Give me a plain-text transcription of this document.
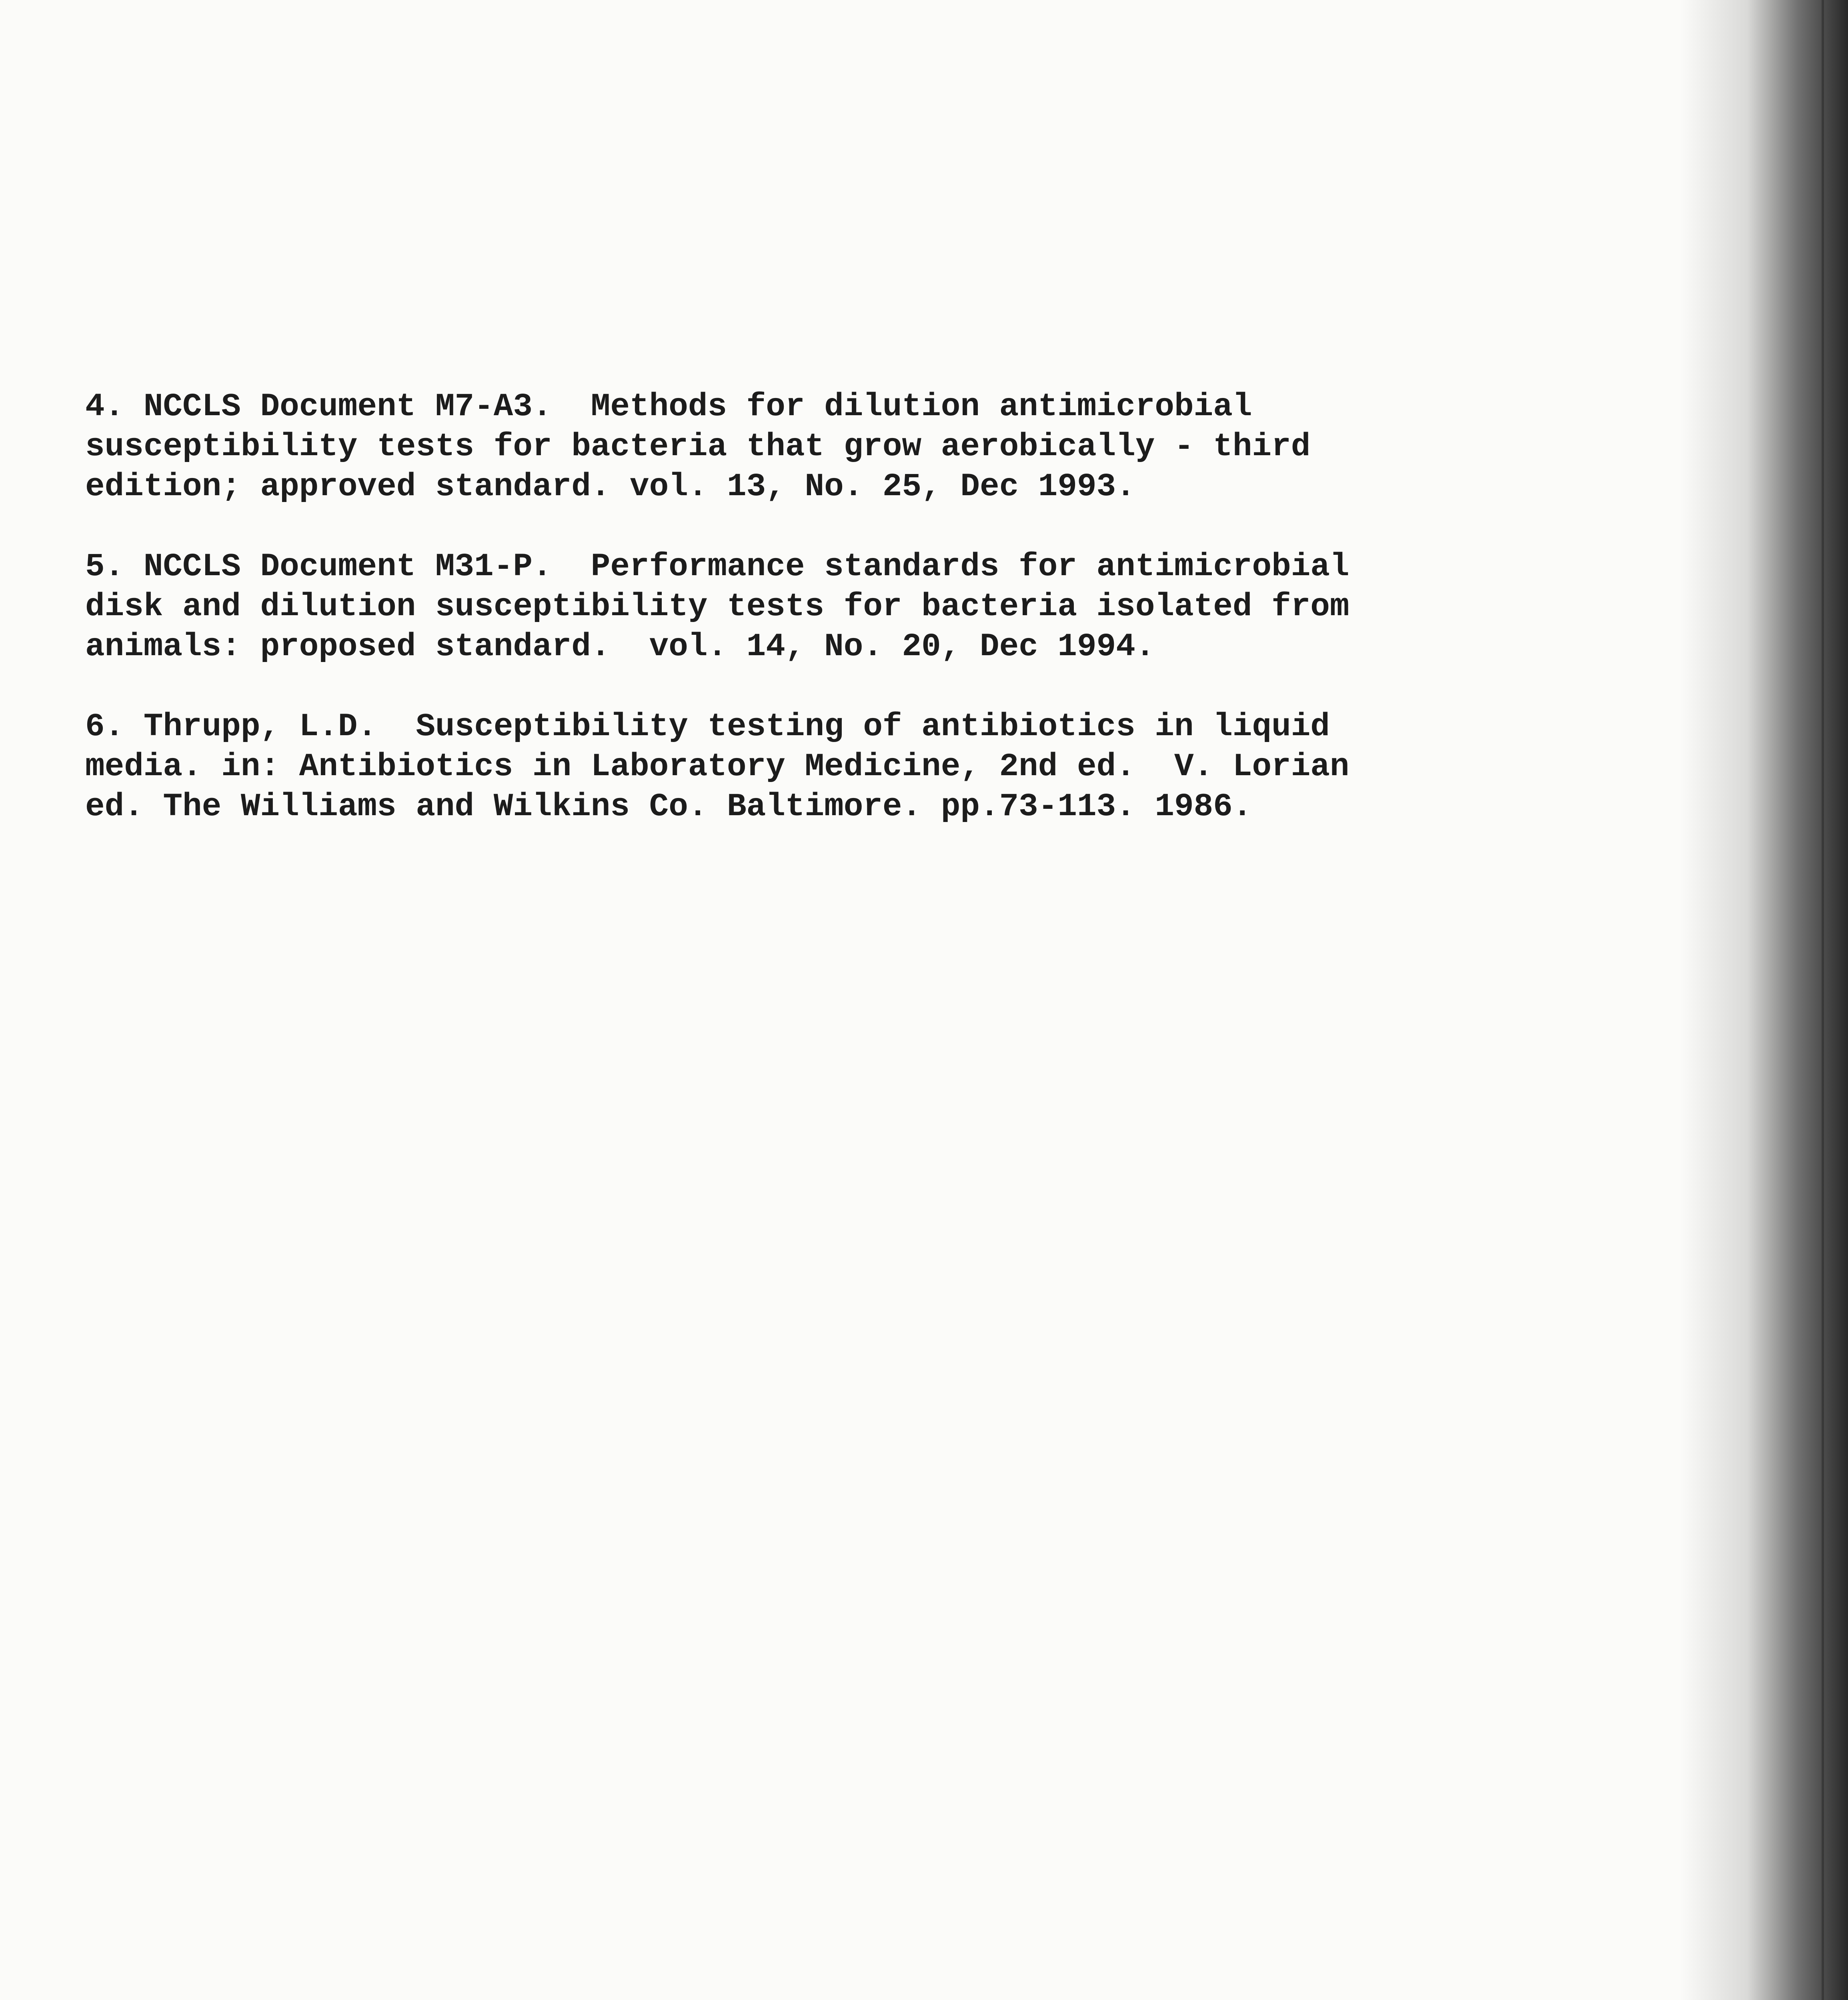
4. NCCLS Document M7-A3.  Methods for dilution antimicrobial
susceptibility tests for bacteria that grow aerobically - third
edition; approved standard. vol. 13, No. 25, Dec 1993.
5. NCCLS Document M31-P.  Performance standards for antimicrobial
disk and dilution susceptibility tests for bacteria isolated from
animals: proposed standard.  vol. 14, No. 20, Dec 1994.
6. Thrupp, L.D.  Susceptibility testing of antibiotics in liquid
media. in: Antibiotics in Laboratory Medicine, 2nd ed.  V. Lorian
ed. The Williams and Wilkins Co. Baltimore. pp.73-113. 1986.
